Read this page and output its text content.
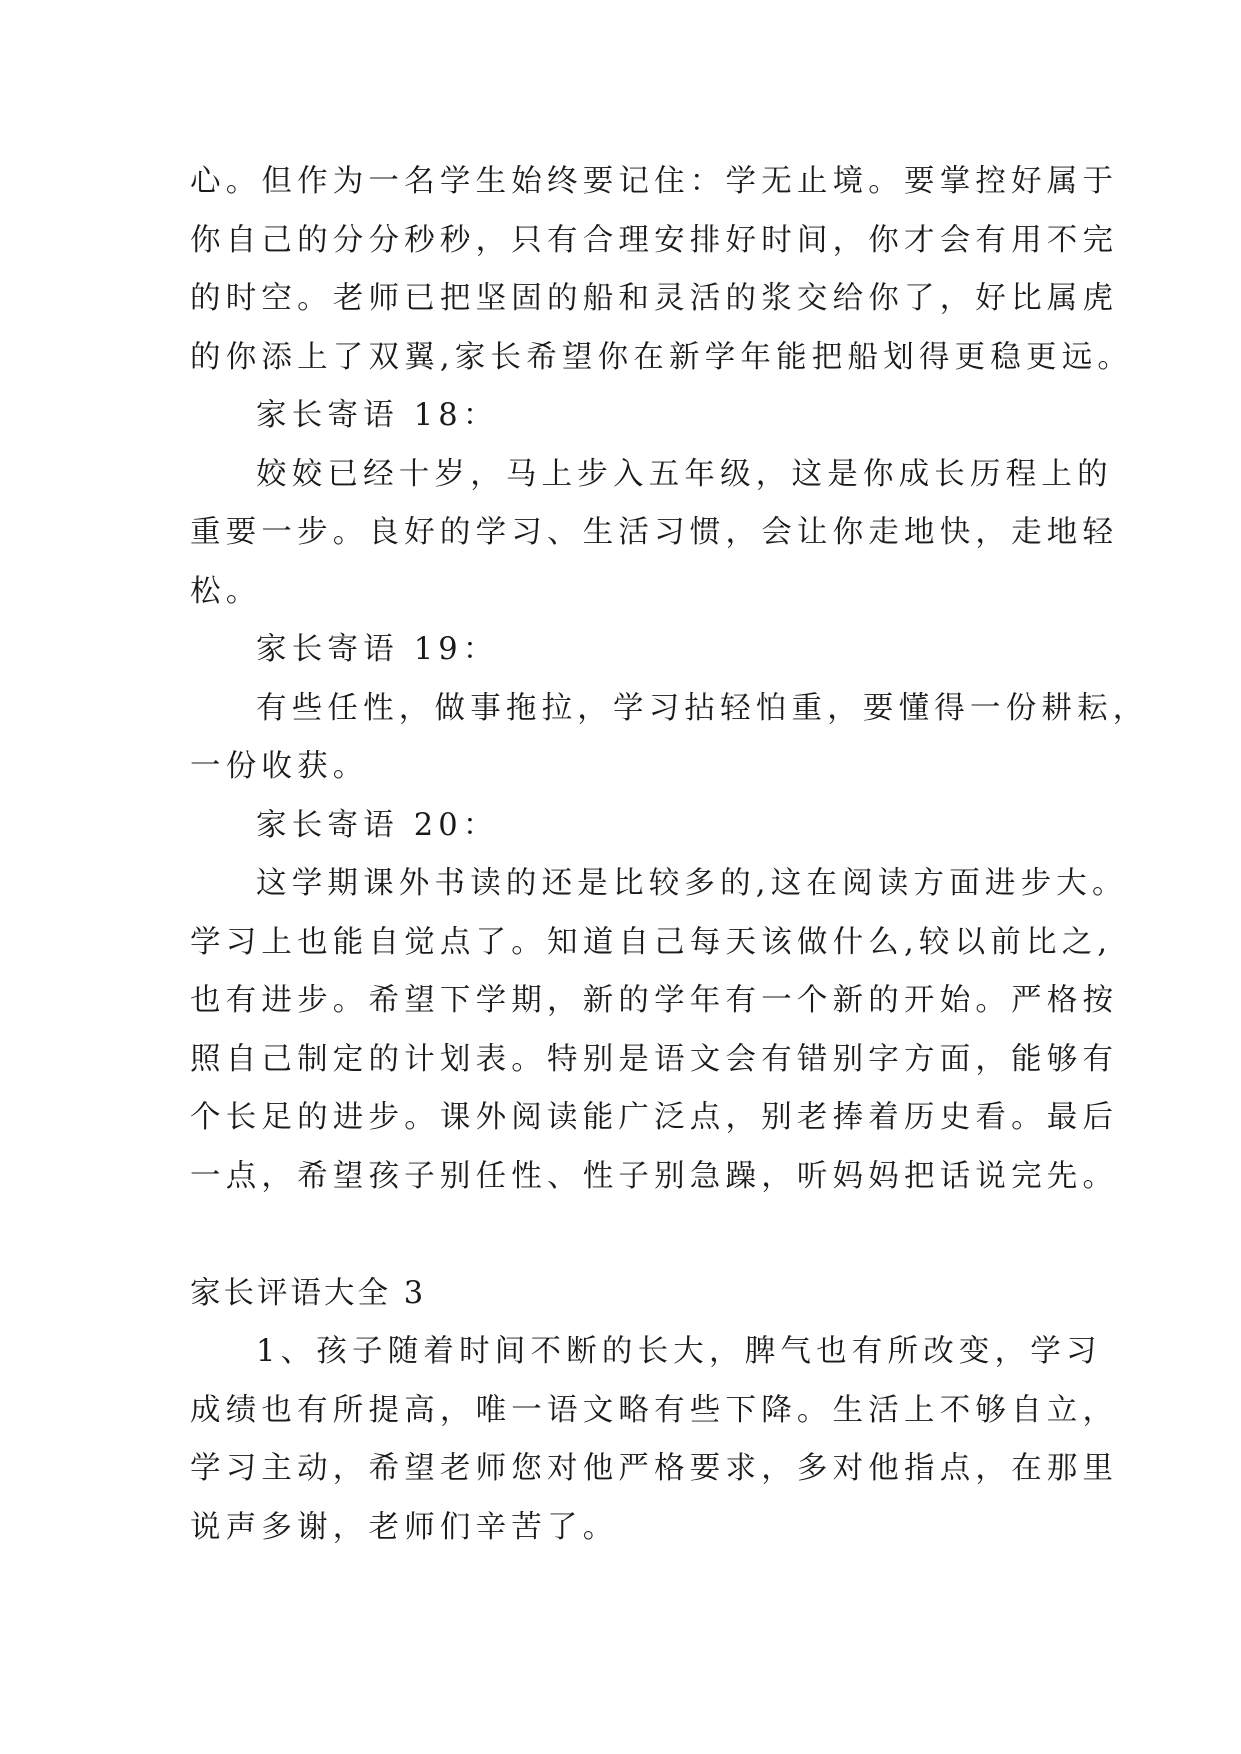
心。但作为一名学生始终要记住：学无止境。要掌控好属于
你自己的分分秒秒，只有合理安排好时间，你才会有用不完
的时空。老师已把坚固的船和灵活的浆交给你了，好比属虎
的你添上了双翼,家长希望你在新学年能把船划得更稳更远。
家长寄语 18：
姣姣已经十岁，马上步入五年级，这是你成长历程上的
重要一步。良好的学习、生活习惯，会让你走地快，走地轻
松。
家长寄语 19：
有些任性，做事拖拉，学习拈轻怕重，要懂得一份耕耘，
一份收获。
家长寄语 20：
这学期课外书读的还是比较多的,这在阅读方面进步大。
学习上也能自觉点了。知道自己每天该做什么,较以前比之,
也有进步。希望下学期，新的学年有一个新的开始。严格按
照自己制定的计划表。特别是语文会有错别字方面，能够有
个长足的进步。课外阅读能广泛点，别老捧着历史看。最后
一点，希望孩子别任性、性子别急躁，听妈妈把话说完先。
家长评语大全 3
1、孩子随着时间不断的长大，脾气也有所改变，学习
成绩也有所提高，唯一语文略有些下降。生活上不够自立，
学习主动，希望老师您对他严格要求，多对他指点，在那里
说声多谢，老师们辛苦了。
